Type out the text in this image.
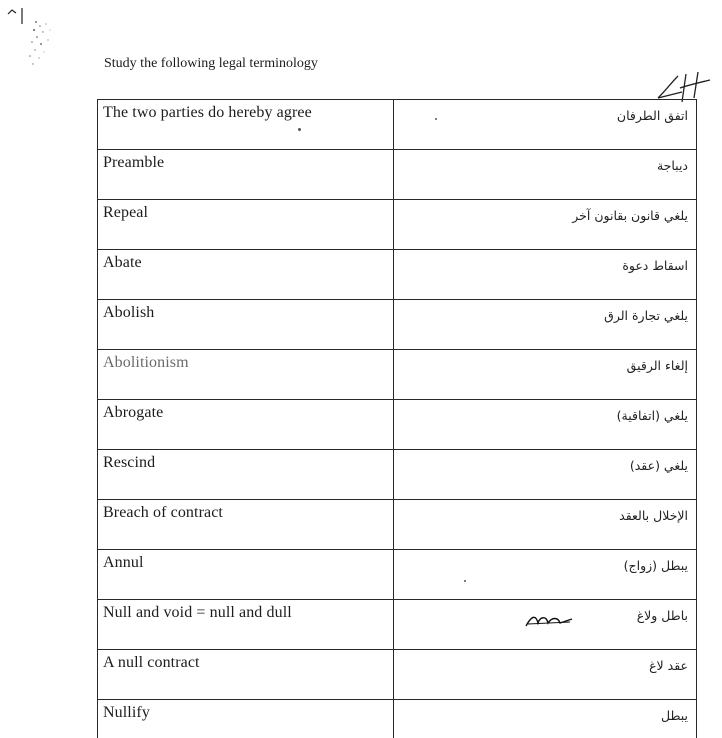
Study the following legal terminology

The two parties do hereby agree	اتفق الطرفان
Preamble	ديباجة
Repeal	يلغي قانون بقانون آخر
Abate	اسقاط دعوة
Abolish	يلغي تجارة الرق
Abolitionism	إلغاء الرقيق
Abrogate	يلغي (اتفاقية)
Rescind	يلغي (عقد)
Breach of contract	الإخلال بالعقد
Annul	يبطل (زواج)
Null and void = null and dull	باطل ولاغ
A null contract	عقد لاغ
Nullify	يبطل
